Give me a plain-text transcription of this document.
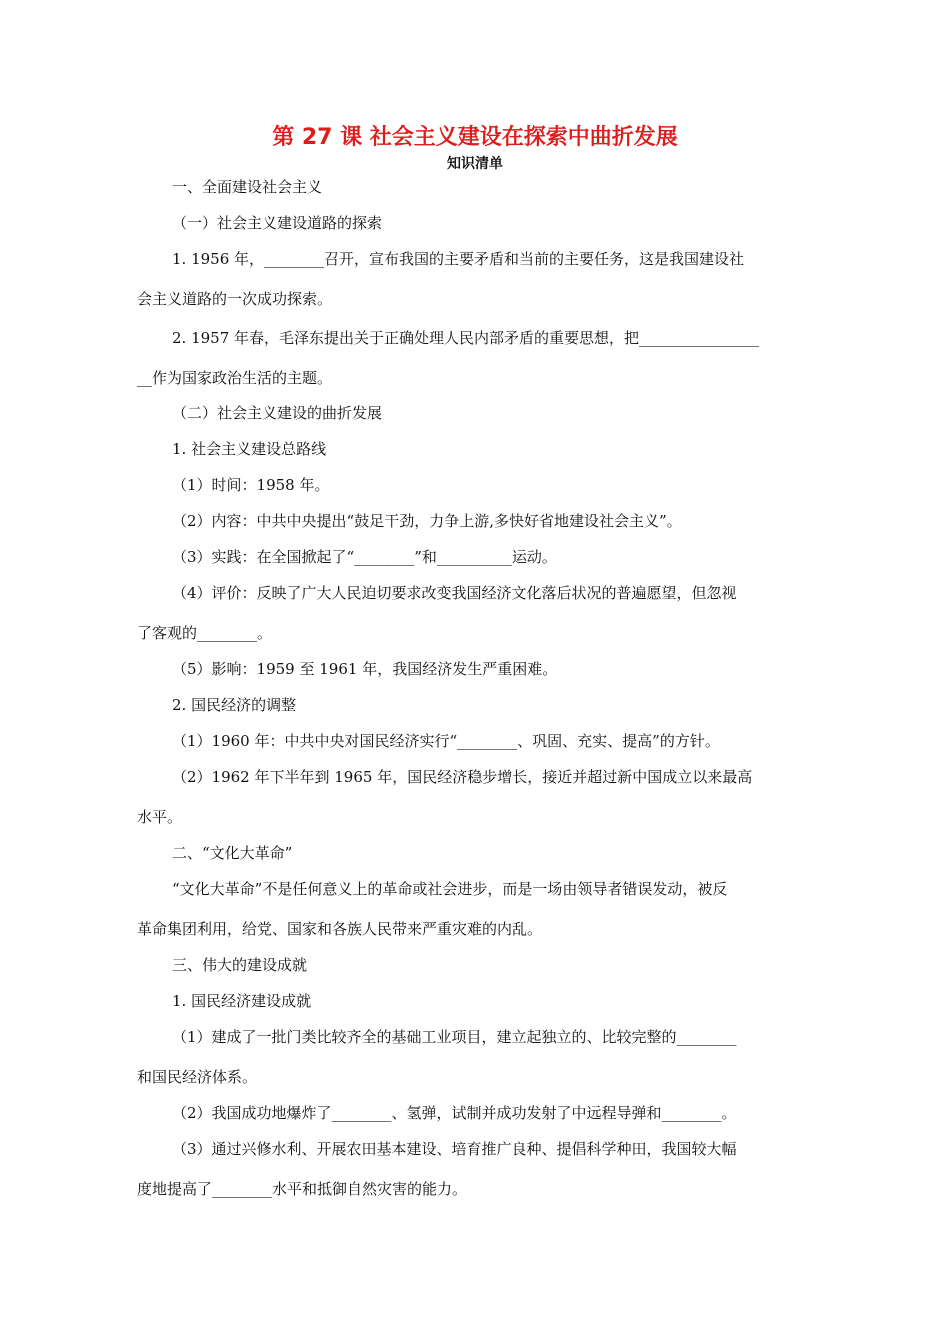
第 27 课 社会主义建设在探索中曲折发展
知识清单
一、全面建设社会主义
（一）社会主义建设道路的探索
1. 1956 年，________召开，宣布我国的主要矛盾和当前的主要任务，这是我国建设社
会主义道路的一次成功探索。
2. 1957 年春，毛泽东提出关于正确处理人民内部矛盾的重要思想，把________________
__作为国家政治生活的主题。
（二）社会主义建设的曲折发展
1. 社会主义建设总路线
（1）时间：1958 年。
（2）内容：中共中央提出“鼓足干劲，力争上游,多快好省地建设社会主义”。
（3）实践：在全国掀起了“________”和__________运动。
（4）评价：反映了广大人民迫切要求改变我国经济文化落后状况的普遍愿望，但忽视
了客观的________。
（5）影响：1959 至 1961 年，我国经济发生严重困难。
2. 国民经济的调整
（1）1960 年：中共中央对国民经济实行“________、巩固、充实、提高”的方针。
（2）1962 年下半年到 1965 年，国民经济稳步增长，接近并超过新中国成立以来最高
水平。
二、“文化大革命”
“文化大革命”不是任何意义上的革命或社会进步，而是一场由领导者错误发动，被反
革命集团利用，给党、国家和各族人民带来严重灾难的内乱。
三、伟大的建设成就
1. 国民经济建设成就
（1）建成了一批门类比较齐全的基础工业项目，建立起独立的、比较完整的________
和国民经济体系。
（2）我国成功地爆炸了________、氢弹，试制并成功发射了中远程导弹和________。
（3）通过兴修水利、开展农田基本建设、培育推广良种、提倡科学种田，我国较大幅
度地提高了________水平和抵御自然灾害的能力。
